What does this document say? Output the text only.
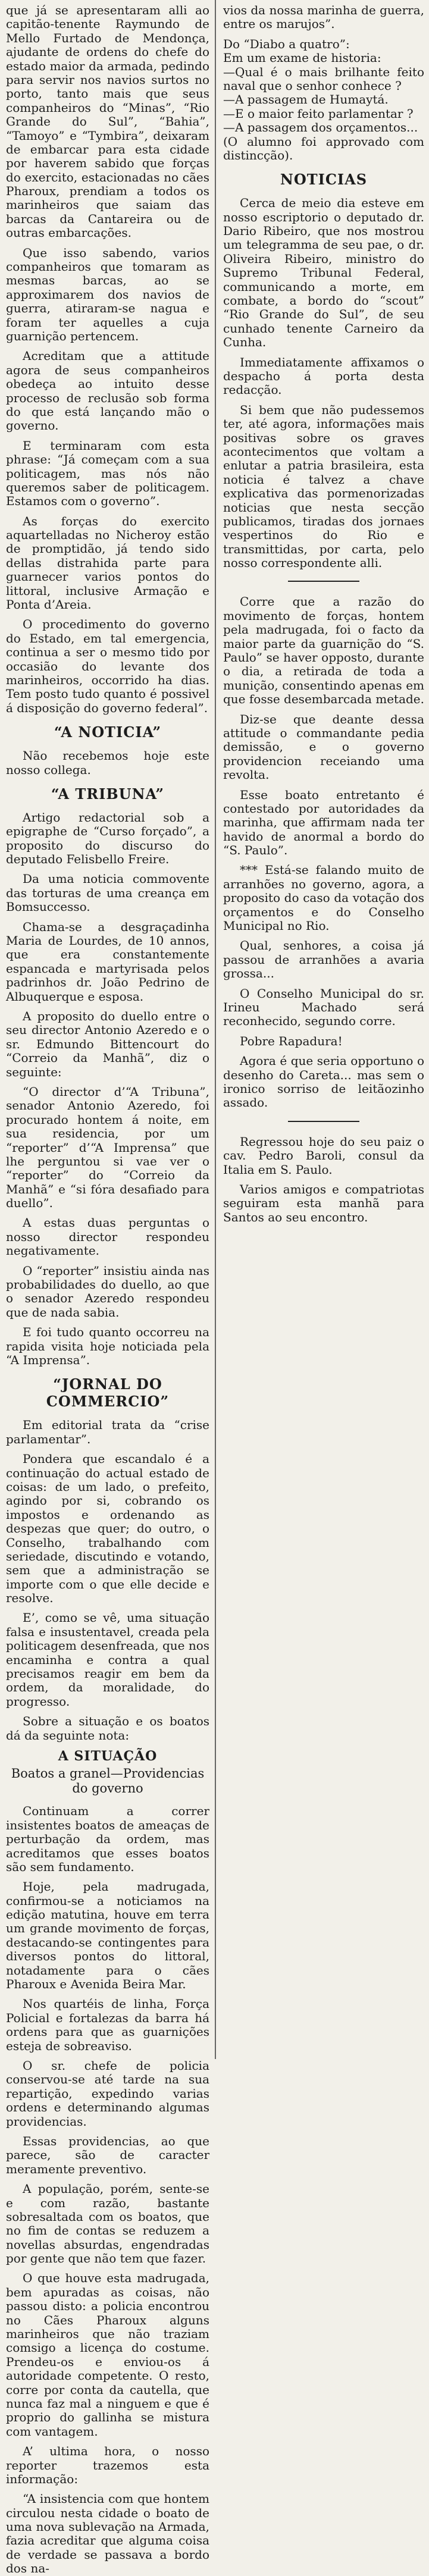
que já se apresentaram alli ao capitão-tenente Raymundo de Mello Furtado de Mendonça, ajudante de ordens do chefe do estado maior da armada, pedindo para servir nos navios surtos no porto, tanto mais que seus companheiros do “Minas”, “Rio Grande do Sul”, “Bahia”, “Tamoyo” e “Tymbira”, deixaram de embarcar para esta cidade por haverem sabido que forças do exercito, estacionadas no cães Pharoux, prendiam a todos os marinheiros que saiam das barcas da Cantareira ou de outras embarcações.

Que isso sabendo, varios companheiros que tomaram as mesmas barcas, ao se approximarem dos navios de guerra, atiraram-se nagua e foram ter aquelles a cuja guarnição pertencem.

Acreditam que a attitude agora de seus companheiros obedeça ao intuito desse processo de reclusão sob forma do que está lançando mão o governo.

E terminaram com esta phrase: “Já começam com a sua politicagem, mas nós não queremos saber de politicagem. Estamos com o governo”.

As forças do exercito aquartelladas no Nicheroy estão de promptidão, já tendo sido dellas distrahida parte para guarnecer varios pontos do littoral, inclusive Armação e Ponta d’Areia.

O procedimento do governo do Estado, em tal emergencia, continua a ser o mesmo tido por occasião do levante dos marinheiros, occorrido ha dias. Tem posto tudo quanto é possivel á disposição do governo federal”.

“A NOTICIA”

Não recebemos hoje este nosso collega.

“A TRIBUNA”

Artigo redactorial sob a epigraphe de “Curso forçado”, a proposito do discurso do deputado Felisbello Freire.

Da uma noticia commovente das torturas de uma creança em Bomsuccesso.

Chama-se a desgraçadinha Maria de Lourdes, de 10 annos, que era constantemente espancada e martyrisada pelos padrinhos dr. João Pedrino de Albuquerque e esposa.

A proposito do duello entre o seu director Antonio Azeredo e o sr. Edmundo Bittencourt do “Correio da Manhã”, diz o seguinte:

“O director d’“A Tribuna”, senador Antonio Azeredo, foi procurado hontem á noite, em sua residencia, por um “reporter” d’“A Imprensa” que lhe perguntou si vae ver o “reporter” do “Correio da Manhã” e “si fóra desafiado para duello”.

A estas duas perguntas o nosso director respondeu negativamente.

O “reporter” insistiu ainda nas probabilidades do duello, ao que o senador Azeredo respondeu que de nada sabia.

E foi tudo quanto occorreu na rapida visita hoje noticiada pela “A Imprensa”.

“JORNAL DO COMMERCIO”

Em editorial trata da “crise parlamentar”.

Pondera que escandalo é a continuação do actual estado de coisas: de um lado, o prefeito, agindo por si, cobrando os impostos e ordenando as despezas que quer; do outro, o Conselho, trabalhando com seriedade, discutindo e votando, sem que a administração se importe com o que elle decide e resolve.

E’, como se vê, uma situação falsa e insustentavel, creada pela politicagem desenfreada, que nos encaminha e contra a qual precisamos reagir em bem da ordem, da moralidade, do progresso.

Sobre a situação e os boatos dá da seguinte nota:

A SITUAÇÃO
Boatos a granel—Providencias do governo

Continuam a correr insistentes boatos de ameaças de perturbação da ordem, mas acreditamos que esses boatos são sem fundamento.

Hoje, pela madrugada, confirmou-se a noticiamos na edição matutina, houve em terra um grande movimento de forças, destacando-se contingentes para diversos pontos do littoral, notadamente para o cães Pharoux e Avenida Beira Mar.

Nos quartéis de linha, Força Policial e fortalezas da barra há ordens para que as guarnições esteja de sobreaviso.

O sr. chefe de policia conservou-se até tarde na sua repartição, expedindo varias ordens e determinando algumas providencias.

Essas providencias, ao que parece, são de caracter meramente preventivo.

A população, porém, sente-se e com razão, bastante sobresaltada com os boatos, que no fim de contas se reduzem a novellas absurdas, engendradas por gente que não tem que fazer.

O que houve esta madrugada, bem apuradas as coisas, não passou disto: a policia encontrou no Cães Pharoux alguns marinheiros que não traziam comsigo a licença do costume. Prendeu-os e enviou-os á autoridade competente. O resto, corre por conta da cautella, que nunca faz mal a ninguem e que é proprio do gallinha se mistura com vantagem.

A’ ultima hora, o nosso reporter trazemos esta informação:

“A insistencia com que hontem circulou nesta cidade o boato de uma nova sublevação na Armada, fazia acreditar que alguma coisa de verdade se passava a bordo dos na-

vios da nossa marinha de guerra, entre os marujos”.

Do “Diabo a quatro”:

Em um exame de historia:

—Qual é o mais brilhante feito naval que o senhor conhece ?

—A passagem de Humaytá.

—E o maior feito parlamentar ?

—A passagem dos orçamentos...

(O alumno foi approvado com distincção).

NOTICIAS

Cerca de meio dia esteve em nosso escriptorio o deputado dr. Dario Ribeiro, que nos mostrou um telegramma de seu pae, o dr. Oliveira Ribeiro, ministro do Supremo Tribunal Federal, communicando a morte, em combate, a bordo do “scout” “Rio Grande do Sul”, de seu cunhado tenente Carneiro da Cunha.

Immediatamente affixamos o despacho á porta desta redacção.

Si bem que não pudessemos ter, até agora, informações mais positivas sobre os graves acontecimentos que voltam a enlutar a patria brasileira, esta noticia é talvez a chave explicativa das pormenorizadas noticias que nesta secção publicamos, tiradas dos jornaes vespertinos do Rio e transmittidas, por carta, pelo nosso correspondente alli.

Corre que a razão do movimento de forças, hontem pela madrugada, foi o facto da maior parte da guarnição do “S. Paulo” se haver opposto, durante o dia, a retirada de toda a munição, consentindo apenas em que fosse desembarcada metade.

Diz-se que deante dessa attitude o commandante pedia demissão, e o governo providencion receiando uma revolta.

Esse boato entretanto é contestado por autoridades da marinha, que affirmam nada ter havido de anormal a bordo do “S. Paulo”.

*** Está-se falando muito de arranhões no governo, agora, a proposito do caso da votação dos orçamentos e do Conselho Municipal no Rio.

Qual, senhores, a coisa já passou de arranhões a avaria grossa...

O Conselho Municipal do sr. Irineu Machado será reconhecido, segundo corre.

Pobre Rapadura!

Agora é que seria opportuno o desenho do Careta... mas sem o ironico sorriso de leitãozinho assado.

Regressou hoje do seu paiz o cav. Pedro Baroli, consul da Italia em S. Paulo.

Varios amigos e compatriotas seguiram esta manhã para Santos ao seu encontro.
